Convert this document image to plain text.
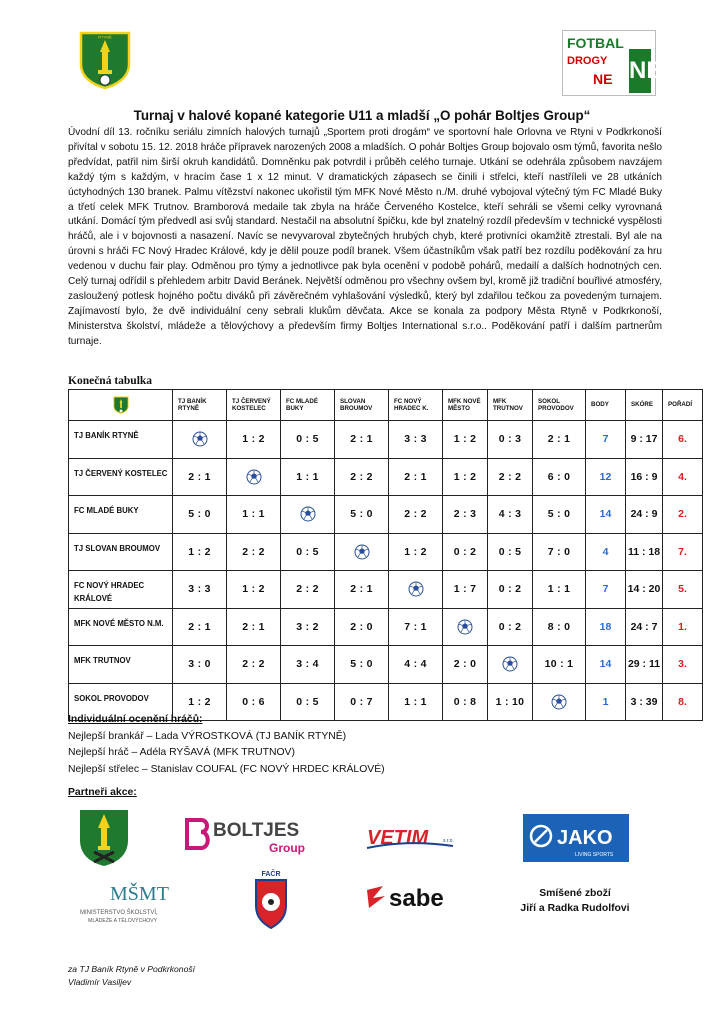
RTYNĚ	FOTBAL
DROGY
NE NE
Turnaj v halové kopané kategorie U11 a mladší „O pohár Boltjes Group“

Úvodní díl 13. ročníku seriálu zimních halových turnajů „Sportem proti drogám“ ve sportovní hale Orlovna ve Rtyni v Podkrkonoší přivítal v sobotu 15. 12. 2018 hráče přípravek narozených 2008 a mladších. O pohár Boltjes Group bojovalo osm týmů, favorita nešlo předvídat, patřil nim širší okruh kandidátů. Domněnku pak potvrdil i průběh celého turnaje. Utkání se odehrála způsobem navzájem každý tým s každým, v hracím čase 1 x 12 minut. V dramatických zápasech se činili i střelci, kteří nastříleli ve 28 utkáních úctyhodných 130 branek. Palmu vítězství nakonec ukořistil tým MFK Nové Město n./M. druhé vybojoval výtečný tým FC Mladé Buky a třetí celek MFK Trutnov. Bramborová medaile tak zbyla na hráče Červeného Kostelce, kteří sehráli se všemi celky vyrovnaná utkání. Domácí tým předvedl asi svůj standard. Nestačil na absolutní špičku, kde byl znatelný rozdíl především v technické vyspělosti hráčů, ale i v bojovnosti a nasazení. Navíc se nevyvaroval zbytečných hrubých chyb, které protivníci okamžitě ztrestali. Byl ale na úrovni s hráči FC Nový Hradec Králové, kdy je dělil pouze podíl branek. Všem účastníkům však patří bez rozdílu poděkování za hru vedenou v duchu fair play. Odměnou pro týmy a jednotlivce pak byla ocenění v podobě pohárů, medailí a dalších hodnotných cen. Celý turnaj odřídil s přehledem arbitr David Beránek. Největší odměnou pro všechny ovšem byl, kromě již tradiční bouřlivé atmosféry, zasloužený potlesk hojného počtu diváků při závěrečném vyhlašování výsledků, který byl zdařilou tečkou za povedeným turnajem. Zajímavostí bylo, že dvě individuální ceny sebrali klukům děvčata. Akce se konala za podpory Města Rtyně v Podkrkonoší, Ministerstva školství, mládeže a tělovýchovy a především firmy Boltjes International s.r.o.. Poděkování patří i dalším partnerům turnaje.

Konečná tabulka
	TJ BANÍK RTYNĚ	TJ ČERVENÝ KOSTELEC	FC MLADÉ BUKY	SLOVAN BROUMOV	FC NOVÝ HRADEC K.	MFK NOVÉ MĚSTO	MFK TRUTNOV	SOKOL PROVODOV	BODY	SKÓRE	POŘADÍ
TJ BANÍK RTYNĚ		1 : 2	0 : 5	2 : 1	3 : 3	1 : 2	0 : 3	2 : 1	7	9 : 17	6.
TJ ČERVENÝ KOSTELEC	2 : 1		1 : 1	2 : 2	2 : 1	1 : 2	2 : 2	6 : 0	12	16 : 9	4.
FC MLADÉ BUKY	5 : 0	1 : 1		5 : 0	2 : 2	2 : 3	4 : 3	5 : 0	14	24 : 9	2.
TJ SLOVAN BROUMOV	1 : 2	2 : 2	0 : 5		1 : 2	0 : 2	0 : 5	7 : 0	4	11 : 18	7.
FC NOVÝ HRADEC KRÁLOVÉ	3 : 3	1 : 2	2 : 2	2 : 1		1 : 7	0 : 2	1 : 1	7	14 : 20	5.
MFK NOVÉ MĚSTO N.M.	2 : 1	2 : 1	3 : 2	2 : 0	7 : 1		0 : 2	8 : 0	18	24 : 7	1.
MFK TRUTNOV	3 : 0	2 : 2	3 : 4	5 : 0	4 : 4	2 : 0		10 : 1	14	29 : 11	3.
SOKOL PROVODOV	1 : 2	0 : 6	0 : 5	0 : 7	1 : 1	0 : 8	1 : 10		1	3 : 39	8.
Individuální ocenění hráčů:
Nejlepší brankář – Lada VÝROSTKOVÁ (TJ BANÍK RTYNĚ)
Nejlepší hráč – Adéla RYŠAVÁ (MFK TRUTNOV)
Nejlepší střelec – Stanislav COUFAL (FC NOVÝ HRDEC KRÁLOVÉ)
Partneři akce:
BOLTJES
Group	VETIM	s.r.o.	JAKO
LIVING SPORTS
MŠMT
MINISTERSTVO ŠKOLSTVÍ,
MLÁDEŽE A TĚLOVÝCHOVY
FAČR
sabe	Smíšené zboží
Jiří a Radka Rudolfovi
za TJ Baník Rtyně v Podkrkonoší
Vladimír Vasiljev
